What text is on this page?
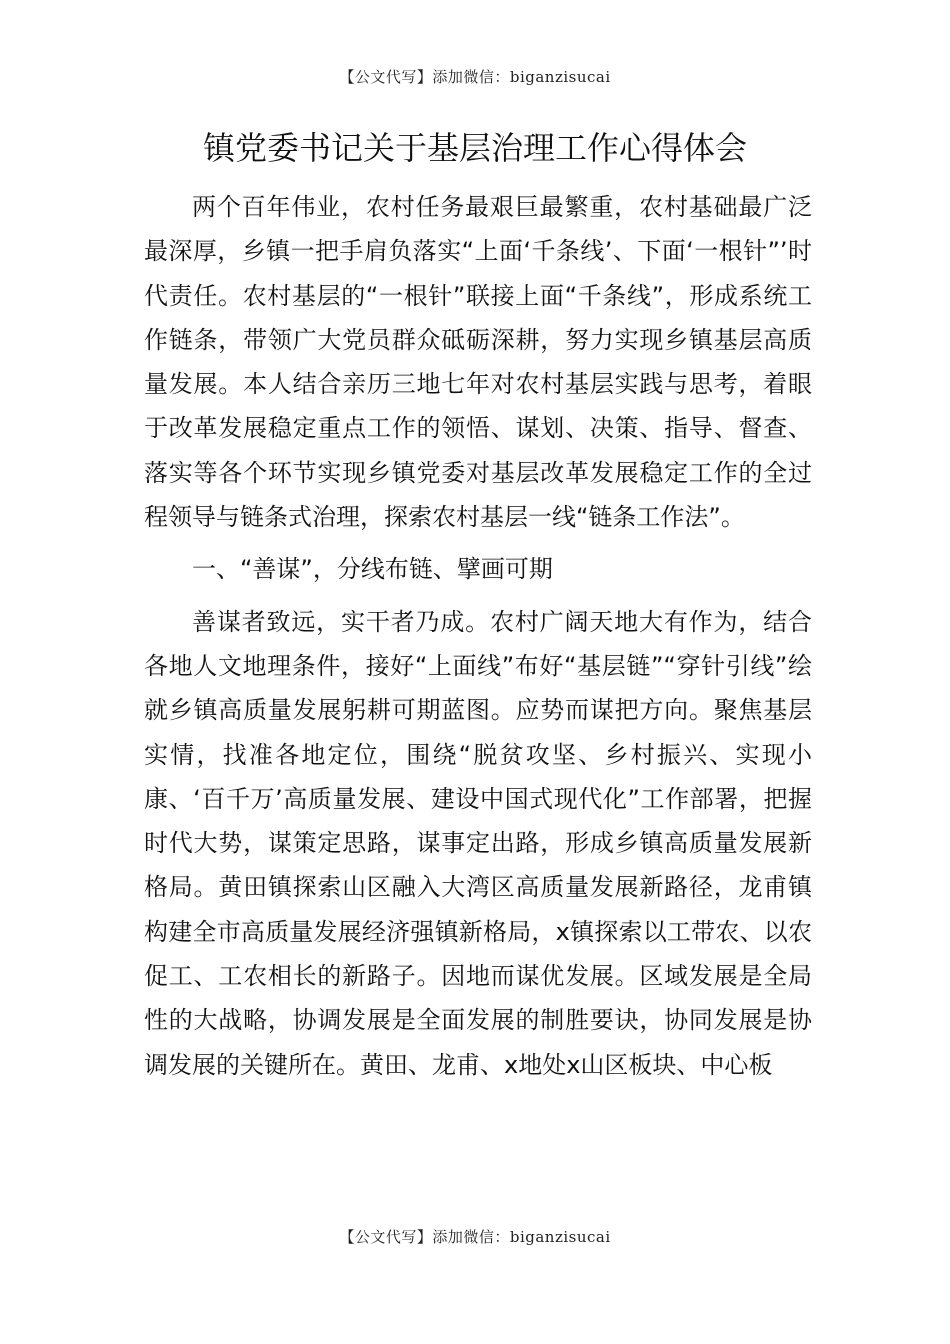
【公文代写】添加微信：biganzisucai
镇党委书记关于基层治理工作心得体会

两个百年伟业，农村任务最艰巨最繁重，农村基础最广泛最深厚，乡镇一把手肩负落实“上面‘千条线’、下面‘一根针”’时代责任。农村基层的“一根针”联接上面“千条线”，形成系统工作链条，带领广大党员群众砥砺深耕，努力实现乡镇基层高质量发展。本人结合亲历三地七年对农村基层实践与思考，着眼于改革发展稳定重点工作的领悟、谋划、决策、指导、督查、落实等各个环节实现乡镇党委对基层改革发展稳定工作的全过程领导与链条式治理，探索农村基层一线“链条工作法”。

一、“善谋”，分线布链、擘画可期

善谋者致远，实干者乃成。农村广阔天地大有作为，结合各地人文地理条件，接好“上面线”布好“基层链”“穿针引线”绘就乡镇高质量发展躬耕可期蓝图。应势而谋把方向。聚焦基层实情，找准各地定位，围绕“脱贫攻坚、乡村振兴、实现小康、‘百千万’高质量发展、建设中国式现代化”工作部署，把握时代大势，谋策定思路，谋事定出路，形成乡镇高质量发展新格局。黄田镇探索山区融入大湾区高质量发展新路径，龙甫镇构建全市高质量发展经济强镇新格局，x镇探索以工带农、以农促工、工农相长的新路子。因地而谋优发展。区域发展是全局性的大战略，协调发展是全面发展的制胜要诀，协同发展是协调发展的关键所在。黄田、龙甫、x地处x山区板块、中心板

【公文代写】添加微信：biganzisucai
